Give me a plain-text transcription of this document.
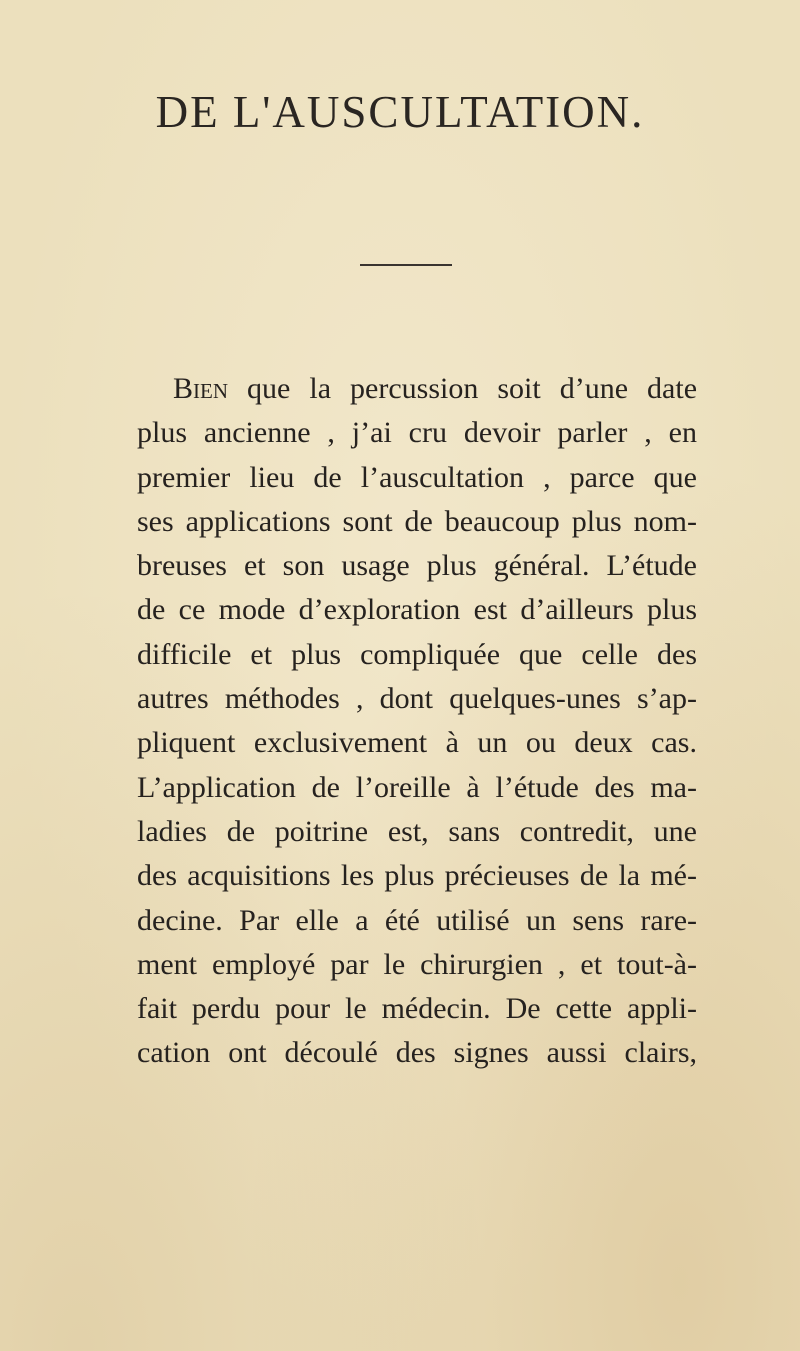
DE L'AUSCULTATION.
Bien que la percussion soit d’une date
plus ancienne , j’ai cru devoir parler , en
premier lieu de l’auscultation , parce que
ses applications sont de beaucoup plus nom-
breuses et son usage plus général. L’étude
de ce mode d’exploration est d’ailleurs plus
difficile et plus compliquée que celle des
autres méthodes , dont quelques-unes s’ap-
pliquent exclusivement à un ou deux cas.
L’application de l’oreille à l’étude des ma-
ladies de poitrine est, sans contredit, une
des acquisitions les plus précieuses de la mé-
decine. Par elle a été utilisé un sens rare-
ment employé par le chirurgien , et tout-à-
fait perdu pour le médecin. De cette appli-
cation ont découlé des signes aussi clairs,
